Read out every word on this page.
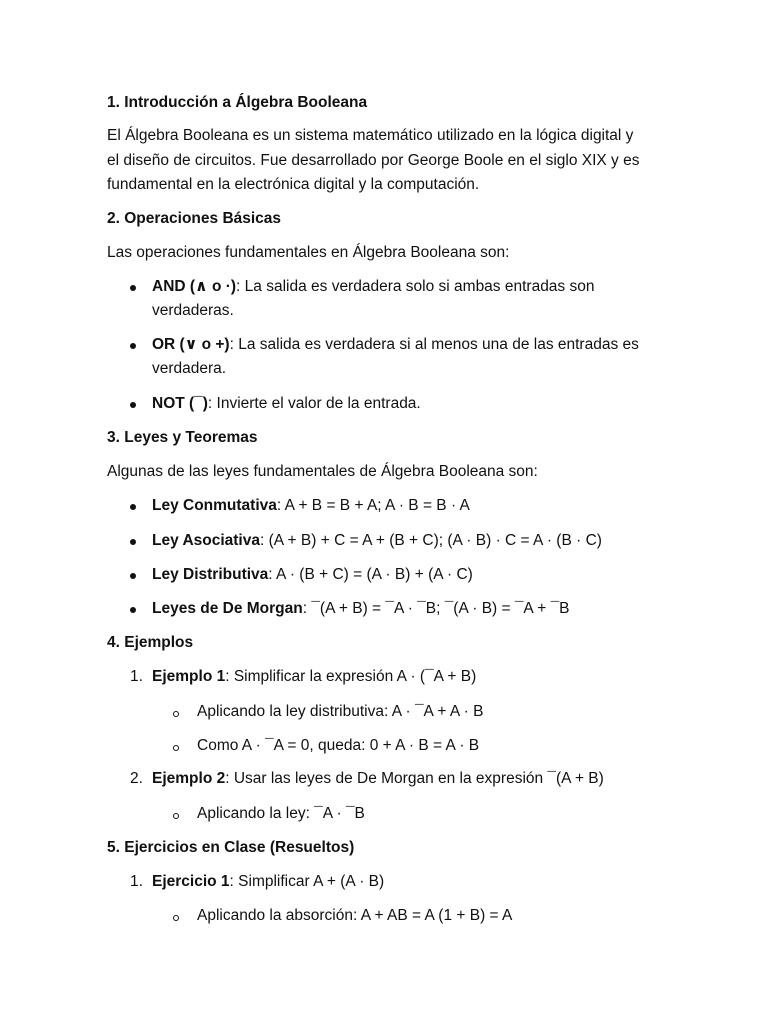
1. Introducción a Álgebra Booleana
El Álgebra Booleana es un sistema matemático utilizado en la lógica digital y
el diseño de circuitos. Fue desarrollado por George Boole en el siglo XIX y es
fundamental en la electrónica digital y la computación.
2. Operaciones Básicas
Las operaciones fundamentales en Álgebra Booleana son:
AND (∧ o ·): La salida es verdadera solo si ambas entradas son
verdaderas.
OR (∨ o +): La salida es verdadera si al menos una de las entradas es
verdadera.
NOT (¯): Invierte el valor de la entrada.
3. Leyes y Teoremas
Algunas de las leyes fundamentales de Álgebra Booleana son:
Ley Conmutativa: A + B = B + A; A · B = B · A
Ley Asociativa: (A + B) + C = A + (B + C); (A · B) · C = A · (B · C)
Ley Distributiva: A · (B + C) = (A · B) + (A · C)
Leyes de De Morgan: ¯(A + B) = ¯A · ¯B; ¯(A · B) = ¯A + ¯B
4. Ejemplos
1. Ejemplo 1: Simplificar la expresión A · (¯A + B)
Aplicando la ley distributiva: A · ¯A + A · B
Como A · ¯A = 0, queda: 0 + A · B = A · B
2. Ejemplo 2: Usar las leyes de De Morgan en la expresión ¯(A + B)
Aplicando la ley: ¯A · ¯B
5. Ejercicios en Clase (Resueltos)
1. Ejercicio 1: Simplificar A + (A · B)
Aplicando la absorción: A + AB = A (1 + B) = A
